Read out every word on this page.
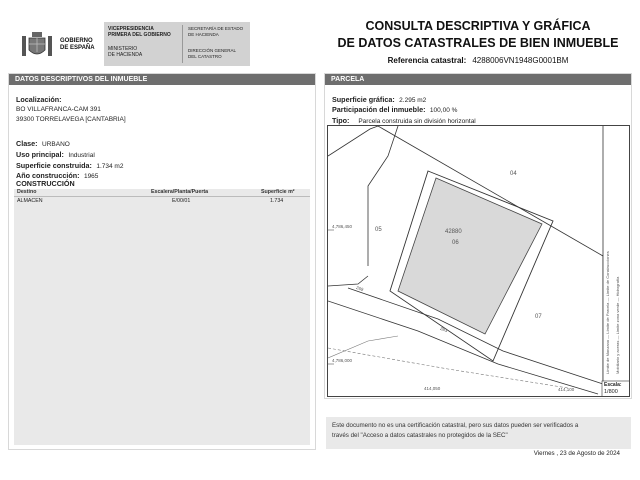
GOBIERNO
DE ESPAÑA
VICEPRESIDENCIA
PRIMERA DEL GOBIERNO
MINISTERIO
DE HACIENDA
SECRETARÍA DE ESTADO
DE HACIENDA
DIRECCIÓN GENERAL
DEL CATASTRO
CONSULTA DESCRIPTIVA Y GRÁFICA
DE DATOS CATASTRALES DE BIEN INMUEBLE
Referencia catastral: 4288006VN1948G0001BM
DATOS DESCRIPTIVOS DEL INMUEBLE
Localización:
BO VILLAFRANCA-CAM 391
39300 TORRELAVEGA [CANTABRIA]
Clase: URBANO
Uso principal: Industrial
Superficie construida: 1.734 m2
Año construcción: 1965
CONSTRUCCIÓN
Destino	Escalera/Planta/Puerta	Superficie m²
ALMACEN	E/00/01	1.734
PARCELA
Superficie gráfica: 2.295 m2
Participación del inmueble: 100,00 %
Tipo: Parcela construida sin división horizontal
42880
06
04
05
07
4,786,450
4,786,000
414,050	414,100
269
283
Límite de Manzana — Límite de Parcela — Límite de Construcciones
Mobiliario y aceras — Límite zona verde — Hidrografía
Escala:
1/800
Este documento no es una certificación catastral, pero sus datos pueden ser verificados a
través del "Acceso a datos catastrales no protegidos de la SEC"
Viernes , 23 de Agosto de 2024
